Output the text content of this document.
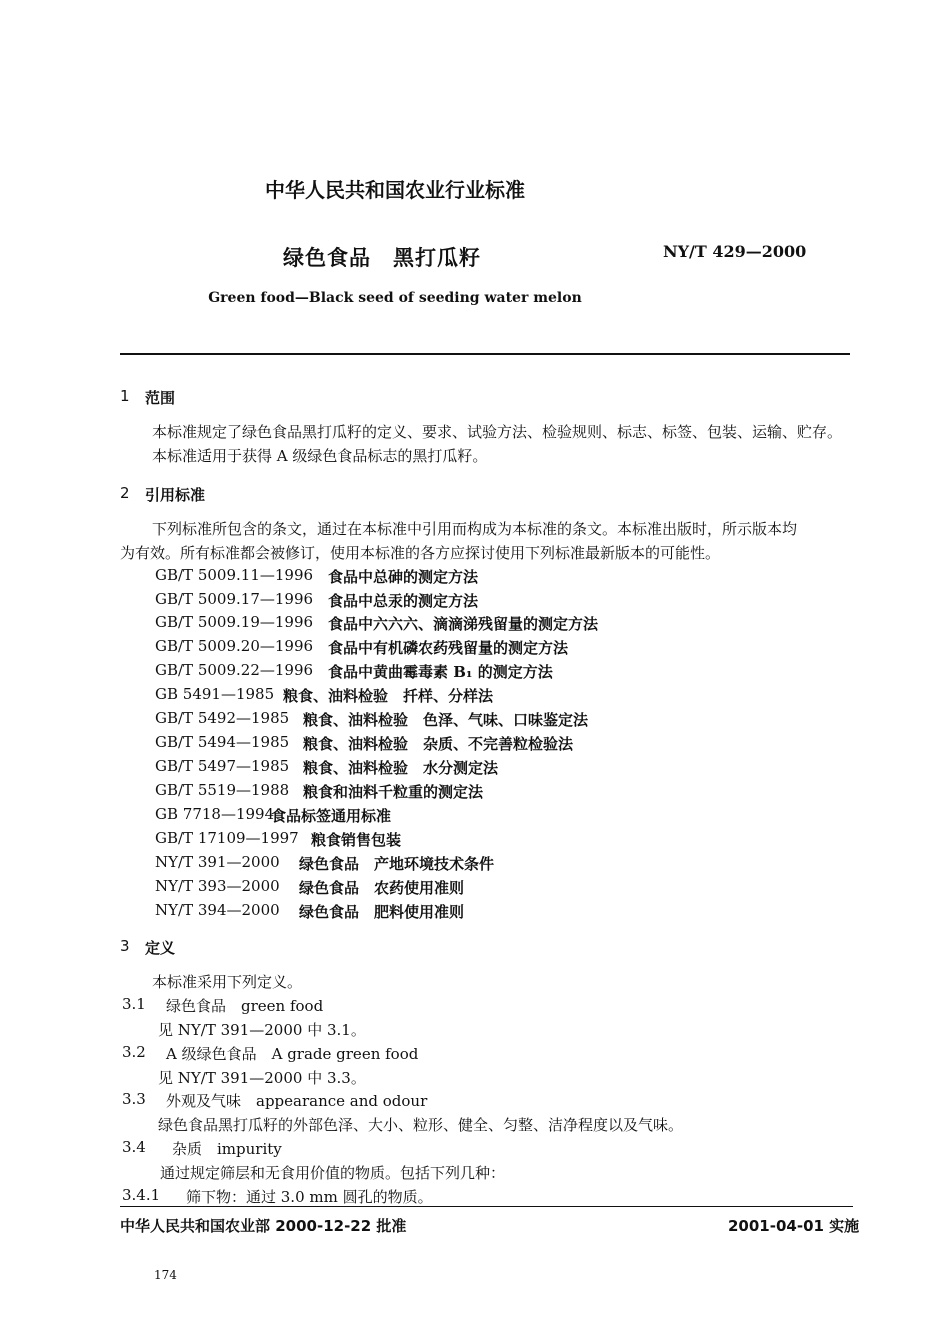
中华人民共和国农业行业标准
绿色食品　黑打瓜籽	NY/T 429—2000
Green food—Black seed of seeding water melon
1 范围
本标准规定了绿色食品黑打瓜籽的定义、要求、试验方法、检验规则、标志、标签、包装、运输、贮存。
本标准适用于获得 A 级绿色食品标志的黑打瓜籽。
2 引用标准
下列标准所包含的条文，通过在本标准中引用而构成为本标准的条文。本标准出版时，所示版本均
为有效。所有标准都会被修订，使用本标准的各方应探讨使用下列标准最新版本的可能性。
GB/T 5009.11—1996 食品中总砷的测定方法
GB/T 5009.17—1996 食品中总汞的测定方法
GB/T 5009.19—1996 食品中六六六、滴滴涕残留量的测定方法
GB/T 5009.20—1996 食品中有机磷农药残留量的测定方法
GB/T 5009.22—1996 食品中黄曲霉毒素 B₁ 的测定方法
GB 5491—1985 粮食、油料检验　扦样、分样法
GB/T 5492—1985 粮食、油料检验　色泽、气味、口味鉴定法
GB/T 5494—1985 粮食、油料检验　杂质、不完善粒检验法
GB/T 5497—1985 粮食、油料检验　水分测定法
GB/T 5519—1988 粮食和油料千粒重的测定法
GB 7718—1994
食品标签通用标准
GB/T 17109—1997 粮食销售包装
NY/T 391—2000 绿色食品　产地环境技术条件
NY/T 393—2000 绿色食品　农药使用准则
NY/T 394—2000 绿色食品　肥料使用准则
3 定义
本标准采用下列定义。
3.1 绿色食品　green food
见 NY/T 391—2000 中 3.1。
3.2 A 级绿色食品　A grade green food
见 NY/T 391—2000 中 3.3。
3.3 外观及气味　appearance and odour
绿色食品黑打瓜籽的外部色泽、大小、粒形、健全、匀整、洁净程度以及气味。
3.4 杂质　impurity
通过规定筛层和无食用价值的物质。包括下列几种：
3.4.1 筛下物：通过 3.0 mm 圆孔的物质。
中华人民共和国农业部 2000-12-22 批准	2001-04-01 实施
174
